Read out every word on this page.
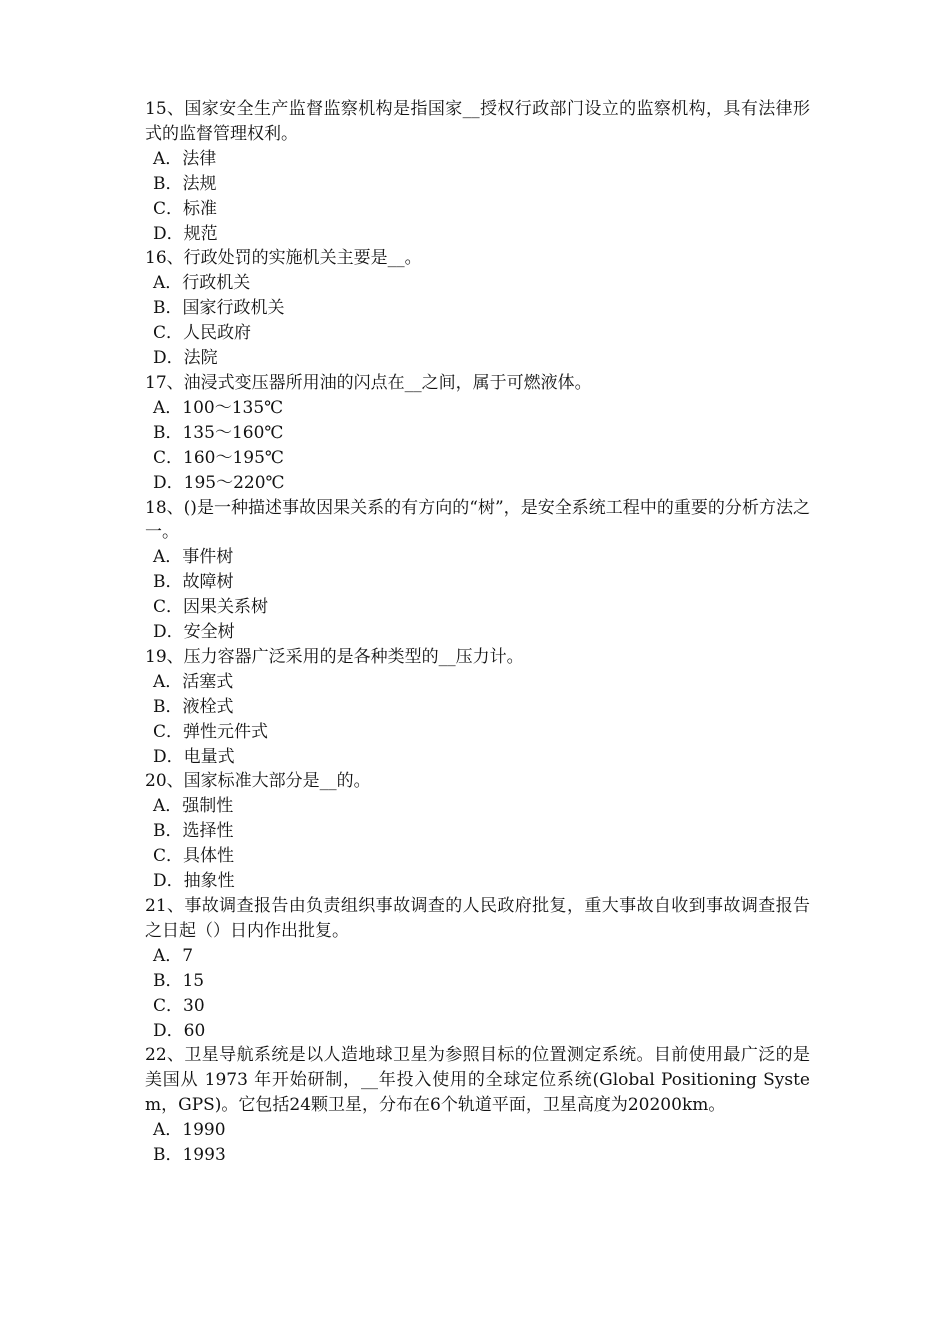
15、国家安全生产监督监察机构是指国家__授权行政部门设立的监察机构，具有法律形式的监督管理权利。
A．法律
B．法规
C．标准
D．规范
16、行政处罚的实施机关主要是__。
A．行政机关
B．国家行政机关
C．人民政府
D．法院
17、油浸式变压器所用油的闪点在__之间，属于可燃液体。
A．100～135℃
B．135～160℃
C．160～195℃
D．195～220℃
18、()是一种描述事故因果关系的有方向的“树”，是安全系统工程中的重要的分析方法之一。
A．事件树
B．故障树
C．因果关系树
D．安全树
19、压力容器广泛采用的是各种类型的__压力计。
A．活塞式
B．液栓式
C．弹性元件式
D．电量式
20、国家标准大部分是__的。
A．强制性
B．选择性
C．具体性
D．抽象性
21、事故调查报告由负责组织事故调查的人民政府批复，重大事故自收到事故调查报告之日起（）日内作出批复。
A．7
B．15
C．30
D．60
22、卫星导航系统是以人造地球卫星为参照目标的位置测定系统。目前使用最广泛的是美国从 1973 年开始研制，__年投入使用的全球定位系统(Global Positioning System，GPS)。它包括24颗卫星，分布在6个轨道平面，卫星高度为20200km。
A．1990
B．1993
